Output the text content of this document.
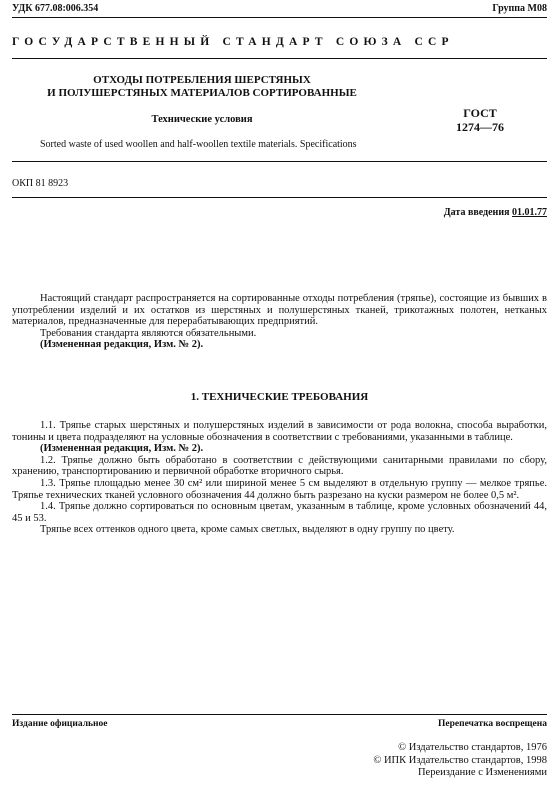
УДК 677.08:006.354	Группа М08
ГОСУДАРСТВЕННЫЙ СТАНДАРТ СОЮЗА ССР
ОТХОДЫ ПОТРЕБЛЕНИЯ ШЕРСТЯНЫХ
И ПОЛУШЕРСТЯНЫХ МАТЕРИАЛОВ СОРТИРОВАННЫЕ
Технические условия
Sorted waste of used woollen and half-woollen textile materials. Specifications
ГОСТ
1274—76
ОКП 81 8923
Дата введения 01.01.77

Настоящий стандарт распространяется на сортированные отходы потребления (тряпье), состоящие из бывших в употреблении изделий и их остатков из шерстяных и полушерстяных тканей, трикотажных полотен, нетканых материалов, предназначенные для перерабатывающих предприятий.

Требования стандарта являются обязательными.

(Измененная редакция, Изм. № 2).

1. ТЕХНИЧЕСКИЕ ТРЕБОВАНИЯ

1.1. Тряпье старых шерстяных и полушерстяных изделий в зависимости от рода волокна, способа выработки, тонины и цвета подразделяют на условные обозначения в соответствии с требованиями, указанными в таблице.

(Измененная редакция, Изм. № 2).

1.2. Тряпье должно быть обработано в соответствии с действующими санитарными правилами по сбору, хранению, транспортированию и первичной обработке вторичного сырья.

1.3. Тряпье площадью менее 30 см² или шириной менее 5 см выделяют в отдельную группу — мелкое тряпье. Тряпье технических тканей условного обозначения 44 должно быть разрезано на куски размером не более 0,5 м².

1.4. Тряпье должно сортироваться по основным цветам, указанным в таблице, кроме условных обозначений 44, 45 и 53.

Тряпье всех оттенков одного цвета, кроме самых светлых, выделяют в одну группу по цвету.

Издание официальное	Перепечатка воспрещена
© Издательство стандартов, 1976
© ИПК Издательство стандартов, 1998
Переиздание с Изменениями
